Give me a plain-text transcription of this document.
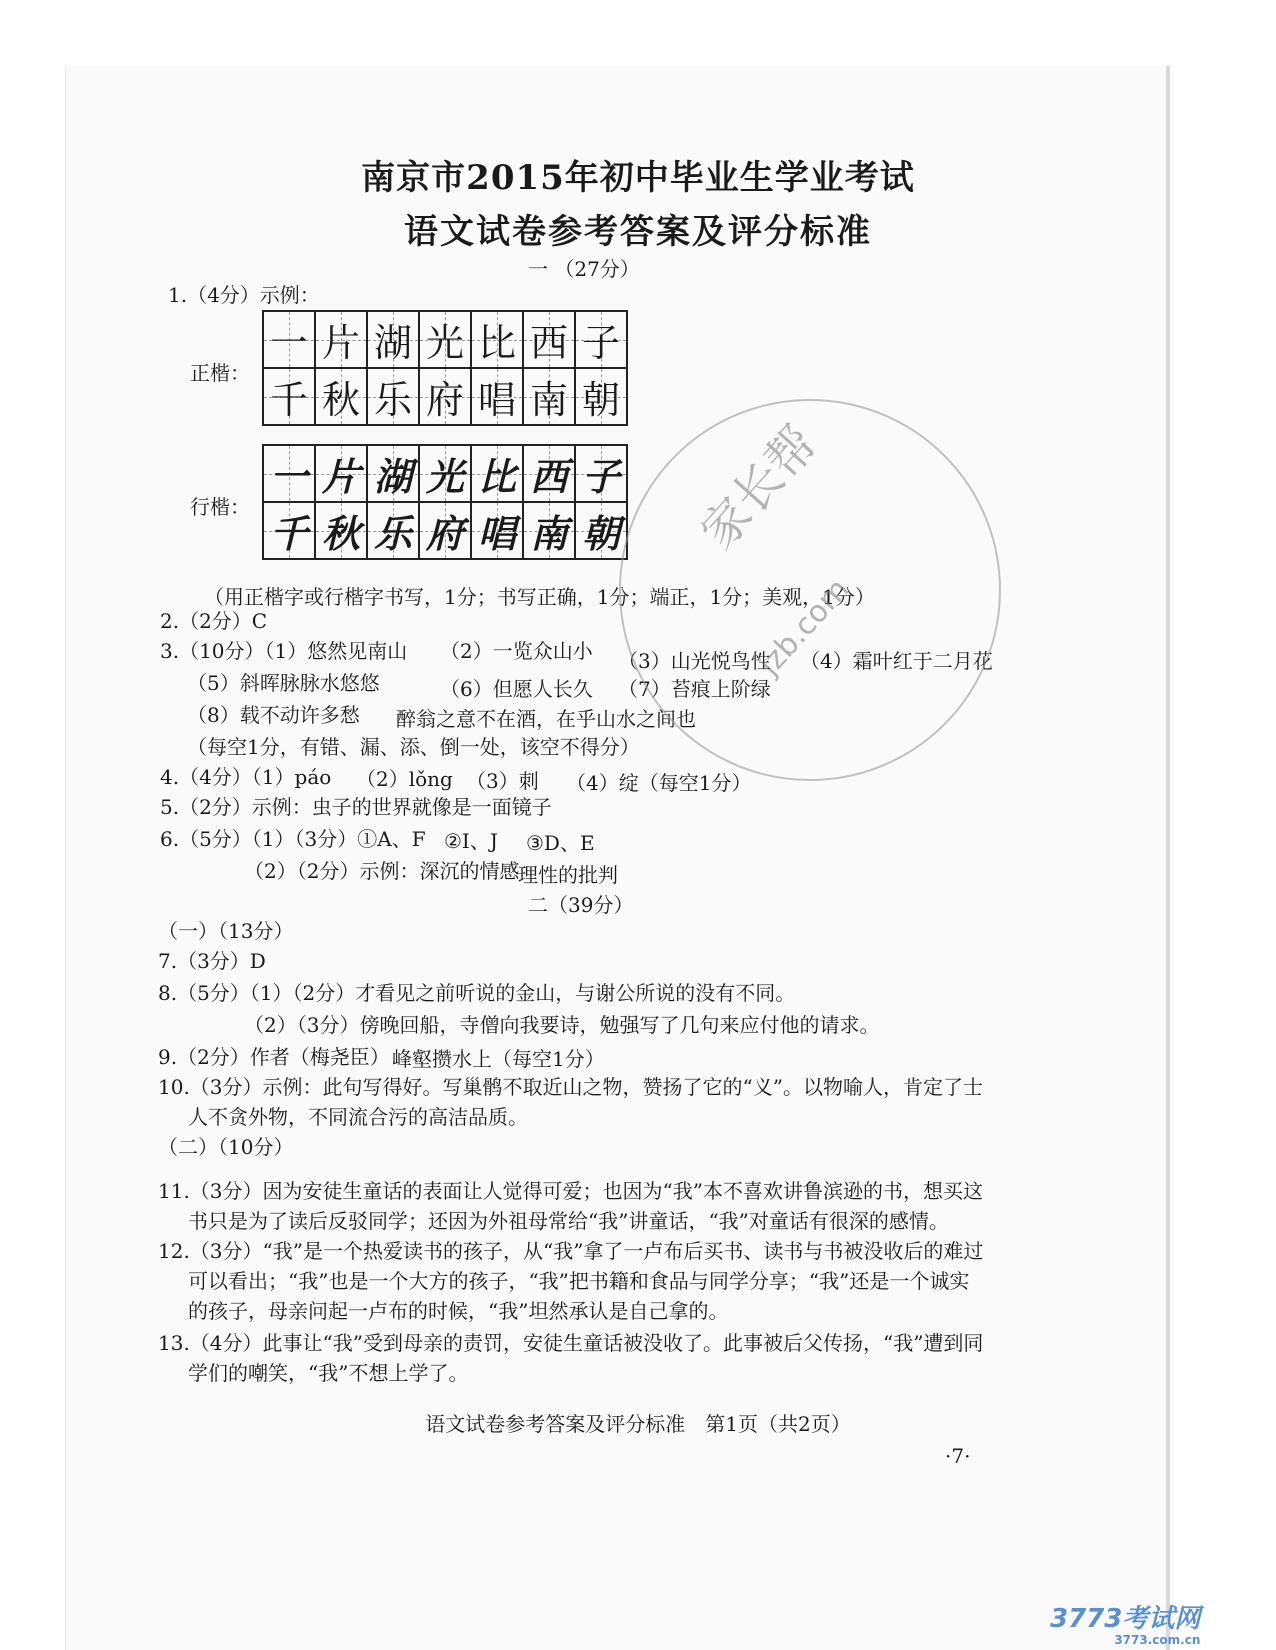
南京市2015年初中毕业生学业考试
语文试卷参考答案及评分标准
一 （27分）
1.（4分）示例：
正楷：
行楷：
一	片	湖	光	比	西	子
千	秋	乐	府	唱	南	朝
一	片	湖	光	比	西	子
千	秋	乐	府	唱	南	朝
（用正楷字或行楷字书写，1分；书写正确，1分；端正，1分；美观，1分）
2.（2分）C
3.（10分）（1）悠然见南山 （2）一览众山小 （3）山光悦鸟性 （4）霜叶红于二月花
（5）斜晖脉脉水悠悠	（6）但愿人长久 （7）苔痕上阶绿
（8）载不动许多愁 醉翁之意不在酒，在乎山水之间也
（每空1分，有错、漏、添、倒一处，该空不得分）
4.（4分）（1）páo （2）lǒng （3）刺 （4）绽（每空1分）
5.（2分）示例：虫子的世界就像是一面镜子
6.（5分）（1）（3分）①A、F ②I、J ③D、E
（2）（2分）示例：深沉的情感
理性的批判
二（39分）
（一）（13分）
7.（3分）D
8.（5分）（1）（2分）才看见之前听说的金山，与谢公所说的没有不同。
（2）（3分）傍晚回船，寺僧向我要诗，勉强写了几句来应付他的请求。
9.（2分）作者（梅尧臣） 峰壑攒水上（每空1分）
10.（3分）示例：此句写得好。写巢鹘不取近山之物，赞扬了它的“义”。以物喻人，肯定了士
人不贪外物，不同流合污的高洁品质。
（二）（10分）
11.（3分）因为安徒生童话的表面让人觉得可爱；也因为“我”本不喜欢讲鲁滨逊的书，想买这
书只是为了读后反驳同学；还因为外祖母常给“我”讲童话，“我”对童话有很深的感情。
12.（3分）“我”是一个热爱读书的孩子，从“我”拿了一卢布后买书、读书与书被没收后的难过
可以看出；“我”也是一个大方的孩子，“我”把书籍和食品与同学分享；“我”还是一个诚实
的孩子，母亲问起一卢布的时候，“我”坦然承认是自己拿的。
13.（4分）此事让“我”受到母亲的责罚，安徒生童话被没收了。此事被后父传扬，“我”遭到同
学们的嘲笑，“我”不想上学了。
家长帮
jzb.com
语文试卷参考答案及评分标准　第1页（共2页）
·7·
3773考试网
3773.com.cn
